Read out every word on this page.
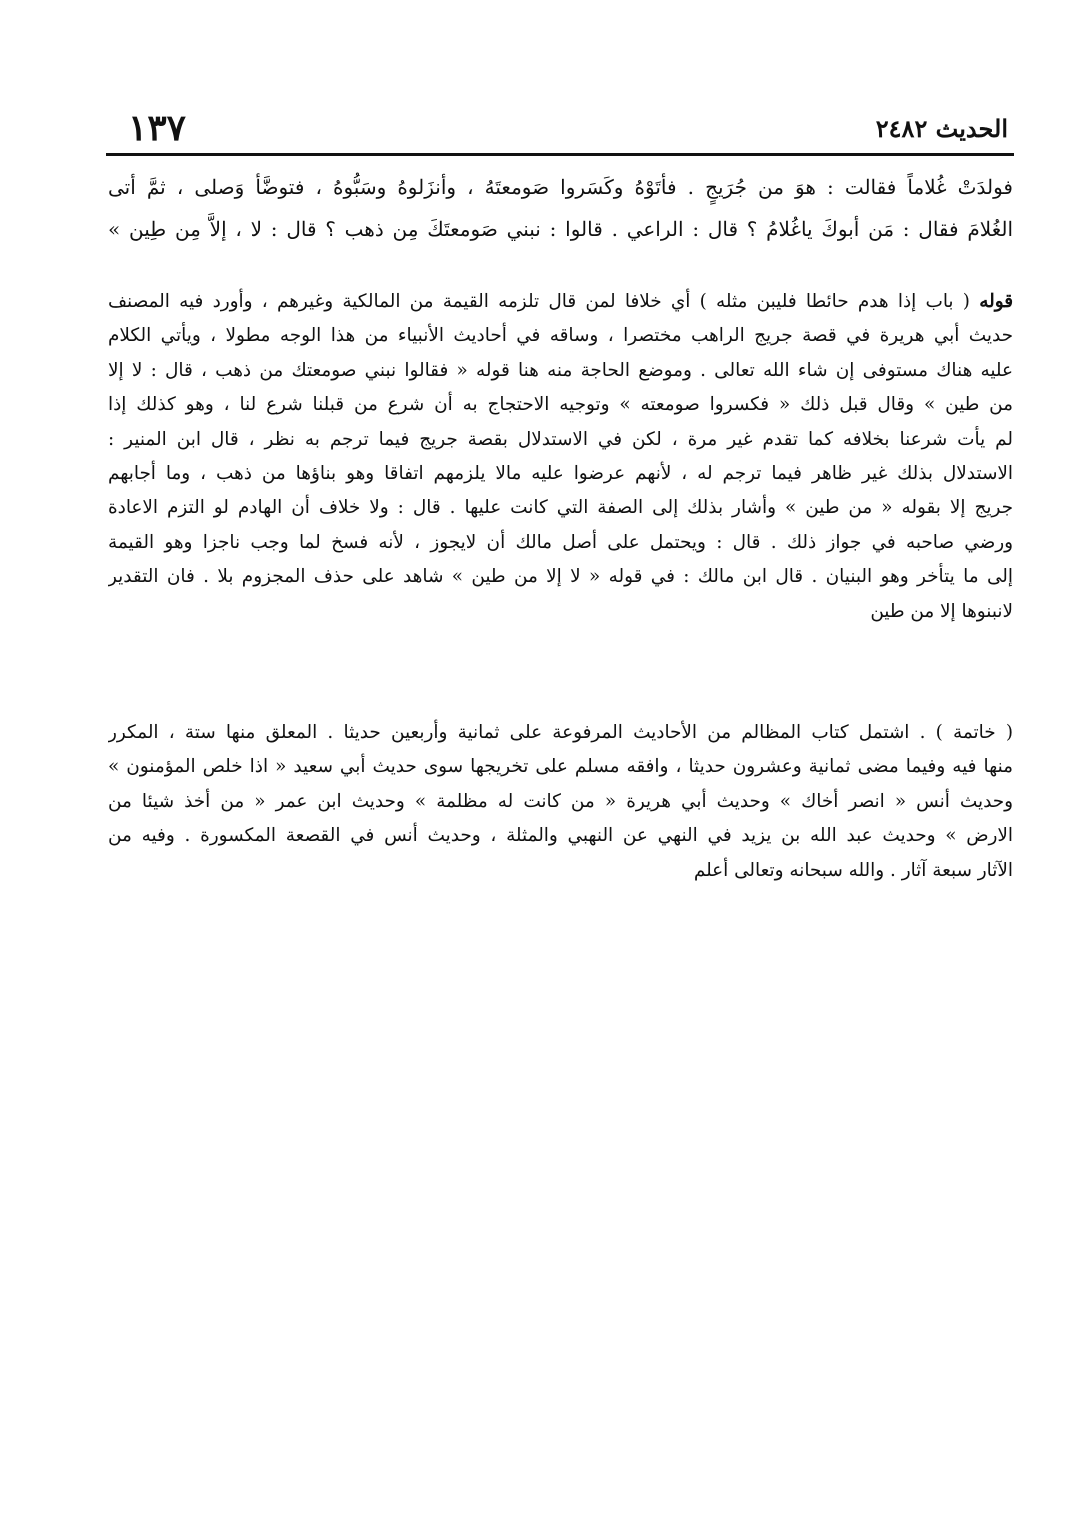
الحديث ٢٤٨٢
١٣٧
فولدَتْ غُلاماً فقالت : هوَ من جُرَيجٍ . فأتَوْهُ وكَسَروا صَومعتَهُ ، وأنزَلوهُ وسَبُّوهُ ، فتوضَّأ وَصلى ، ثمَّ أتى
الغُلامَ فقال : مَن أبوكَ ياغُلامُ ؟ قال : الراعي . قالوا : نبني صَومعتَكَ مِن ذهب ؟ قال : لا ، إلاَّ مِن طِين »
قوله ( باب إذا هدم حائطا فليبن مثله ) أي خلافا لمن قال تلزمه القيمة من المالكية وغيرهم ، وأورد فيه المصنف
حديث أبي هريرة في قصة جريج الراهب مختصرا ، وساقه في أحاديث الأنبياء من هذا الوجه مطولا ، ويأتي الكلام
عليه هناك مستوفى إن شاء الله تعالى . وموضع الحاجة منه هنا قوله « فقالوا نبني صومعتك من ذهب ، قال : لا إلا
من طين » وقال قبل ذلك « فكسروا صومعته » وتوجيه الاحتجاج به أن شرع من قبلنا شرع لنا ، وهو كذلك إذا
لم يأت شرعنا بخلافه كما تقدم غير مرة ، لكن في الاستدلال بقصة جريج فيما ترجم به نظر ، قال ابن المنير :
الاستدلال بذلك غير ظاهر فيما ترجم له ، لأنهم عرضوا عليه مالا يلزمهم اتفاقا وهو بناؤها من ذهب ، وما أجابهم
جريج إلا بقوله « من طين » وأشار بذلك إلى الصفة التي كانت عليها . قال : ولا خلاف أن الهادم لو التزم الاعادة
ورضي صاحبه في جواز ذلك . قال : ويحتمل على أصل مالك أن لايجوز ، لأنه فسخ لما وجب ناجزا وهو القيمة
إلى ما يتأخر وهو البنيان . قال ابن مالك : في قوله « لا إلا من طين » شاهد على حذف المجزوم بلا . فان التقدير
لانبنوها إلا من طين
( خاتمة ) . اشتمل كتاب المظالم من الأحاديث المرفوعة على ثمانية وأربعين حديثا . المعلق منها ستة ، المكرر
منها فيه وفيما مضى ثمانية وعشرون حديثا ، وافقه مسلم على تخريجها سوى حديث أبي سعيد « اذا خلص المؤمنون »
وحديث أنس « انصر أخاك » وحديث أبي هريرة « من كانت له مظلمة » وحديث ابن عمر « من أخذ شيئا من
الارض » وحديث عبد الله بن يزيد في النهي عن النهبي والمثلة ، وحديث أنس في القصعة المكسورة . وفيه من
الآثار سبعة آثار . والله سبحانه وتعالى أعلم
